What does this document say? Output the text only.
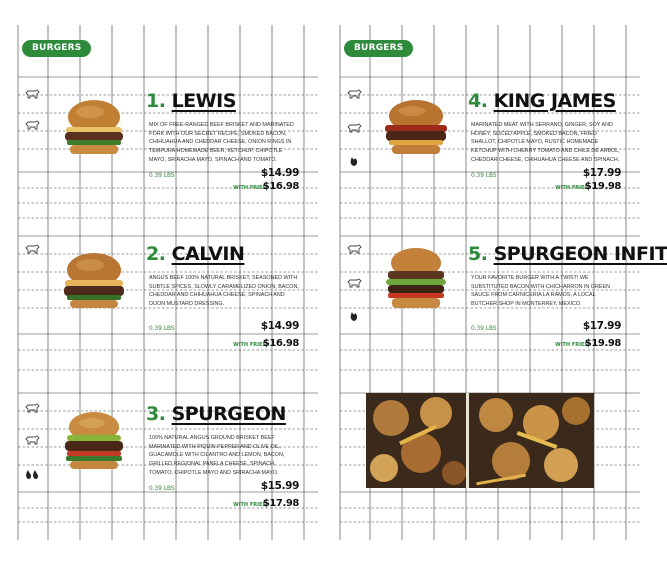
BURGERS
1. LEWIS
MIX OF FREE-RANGED BEEF BRISKET AND MARINATED PORK WITH OUR SECRET RECIPE, SMOKED BACON, CHIHUAHUA AND CHEDDAR CHEESE, ONION RINGS IN TEMPURA HOMEMADE BEER, KETCHUP, CHIPOTLE MAYO, SRIRACHA MAYO, SPINACH AND TOMATO.
0.39 LBS	$14.99
WITH FRIES
$16.98
2. CALVIN
ANGUS BEEF 100% NATURAL BRISKET, SEASONED WITH SUBTLE SPICES, SLOWLY CARAMELIZED ONION, BACON, CHEDDAR AND CHIHUAHUA CHEESE, SPINACH AND DIJON MUSTARD DRESSING.
0.39 LBS	$14.99
WITH FRIES
$16.98
3. SPURGEON
100% NATURAL ANGUS GROUND BRISKET BEEF MARINATED WITH PIQUIN PEPPER AND OLIVE OIL, GUACAMOLE WITH CILANTRO AND LEMON, BACON, GRILLED REGIONAL PANELA CHEESE, SPINACH, TOMATO, CHIPOTLE MAYO AND SRIRACHA MAYO.
0.39 LBS	$15.99
WITH FRIES
$17.98
BURGERS
4. KING JAMES
MARINATED MEAT WITH SERRANO, GINGER, SOY AND HONEY, SLICED APPLE, SMOKED BACON, FRIED SHALLOT, CHIPOTLE MAYO, RUSTIC HOMEMADE KETCHUP WITH CHERRY TOMATO AND CHILE DE ARBOL, CHEDDAR CHEESE, CHIHUAHUA CHEESE AND SPINACH.
0.39 LBS	$17.99
WITH FRIES
$19.98
5. SPURGEON INFIT
YOUR FAVORITE BURGER WITH A TWIST! WE SUBSTITUTED BACON WITH CHICHARRON IN GREEN SAUCE FROM CARNICERIA LA RAMOS, A LOCAL BUTCHER SHOP IN MONTERREY, MEXICO.
0.39 LBS	$17.99
WITH FRIES
$19.98
